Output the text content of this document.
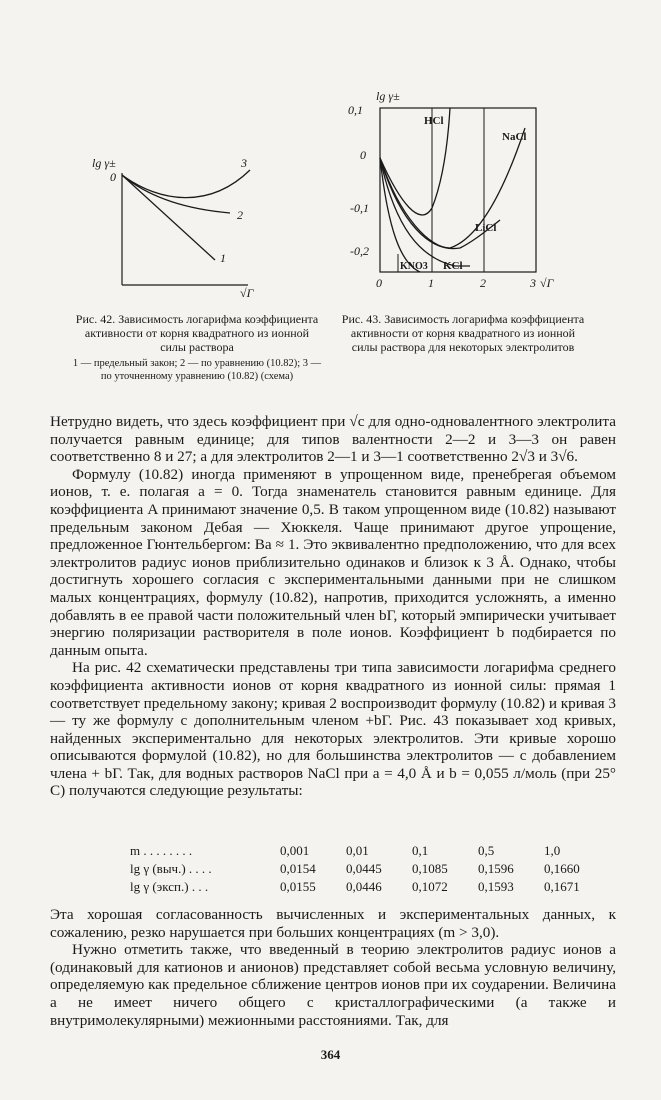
lg γ±
0
1
2
3
√Γ
Рис. 42. Зависимость логарифма коэффициента активности от корня квадратного из ионной силы раствора
1 — предельный закон; 2 — по уравнению (10.82); 3 — по уточненному уравнению (10.82) (схема)
lg γ±
0,1
0
-0,1
-0,2
HCl
NaCl
LiCl
KNO3 KCl
0	1	2	3 √Γ
Рис. 43. Зависимость логарифма коэффициента активности от корня квадратного из ионной силы раствора для некоторых электролитов

Нетрудно видеть, что здесь коэффициент при √c для одно-одновалентного электролита получается равным единице; для типов валентности 2—2 и 3—3 он равен соответственно 8 и 27; а для электролитов 2—1 и 3—1 соответственно 2√3 и 3√6.

Формулу (10.82) иногда применяют в упрощенном виде, пренебрегая объемом ионов, т. е. полагая a = 0. Тогда знаменатель становится равным единице. Для коэффициента A принимают значение 0,5. В таком упрощенном виде (10.82) называют предельным законом Дебая — Хюккеля. Чаще принимают другое упрощение, предложенное Гюнтельбергом: Ba ≈ 1. Это эквивалентно предположению, что для всех электролитов радиус ионов приблизительно одинаков и близок к 3 Å. Однако, чтобы достигнуть хорошего согласия с экспериментальными данными при не слишком малых концентрациях, формулу (10.82), напротив, приходится усложнять, а именно добавлять в ее правой части положительный член bΓ, который эмпирически учитывает энергию поляризации растворителя в поле ионов. Коэффициент b подбирается по данным опыта.

На рис. 42 схематически представлены три типа зависимости логарифма среднего коэффициента активности ионов от корня квадратного из ионной силы: прямая 1 соответствует предельному закону; кривая 2 воспроизводит формулу (10.82) и кривая 3 — ту же формулу с дополнительным членом +bΓ. Рис. 43 показывает ход кривых, найденных экспериментально для некоторых электролитов. Эти кривые хорошо описываются формулой (10.82), но для большинства электролитов — с добавлением члена + bΓ. Так, для водных растворов NaCl при a = 4,0 Å и b = 0,055 л/моль (при 25° С) получаются следующие результаты:

m . . . . . . . .	0,001	0,01	0,1	0,5	1,0
lg γ (выч.) . . . .	0,0154	0,0445	0,1085	0,1596	0,1660
lg γ (эксп.) . . .	0,0155	0,0446	0,1072	0,1593	0,1671

Эта хорошая согласованность вычисленных и экспериментальных данных, к сожалению, резко нарушается при больших концентрациях (m > 3,0).

Нужно отметить также, что введенный в теорию электролитов радиус ионов a (одинаковый для катионов и анионов) представляет собой весьма условную величину, определяемую как предельное сближение центров ионов при их соударении. Величина a не имеет ничего общего с кристаллографическими (а также и внутримолекулярными) межионными расстояниями. Так, для

364
